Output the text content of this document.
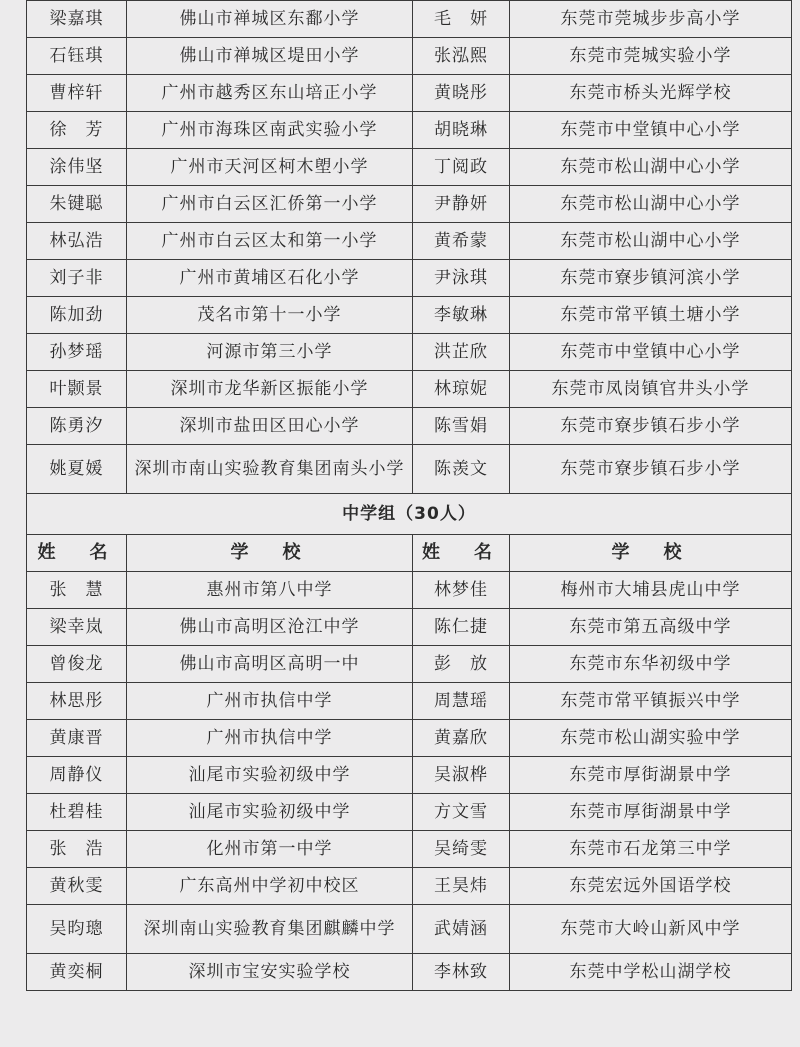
梁嘉琪	佛山市禅城区东鄱小学	毛　妍	东莞市莞城步步高小学
石钰琪	佛山市禅城区堤田小学	张泓熙	东莞市莞城实验小学
曹梓轩	广州市越秀区东山培正小学	黄晓彤	东莞市桥头光辉学校
徐　芳	广州市海珠区南武实验小学	胡晓琳	东莞市中堂镇中心小学
涂伟坚	广州市天河区柯木塱小学	丁阅政	东莞市松山湖中心小学
朱键聪	广州市白云区汇侨第一小学	尹静妍	东莞市松山湖中心小学
林弘浩	广州市白云区太和第一小学	黄希蒙	东莞市松山湖中心小学
刘子非	广州市黄埔区石化小学	尹泳琪	东莞市寮步镇河滨小学
陈加劲	茂名市第十一小学	李敏琳	东莞市常平镇土塘小学
孙梦瑶	河源市第三小学	洪芷欣	东莞市中堂镇中心小学
叶颢景	深圳市龙华新区振能小学	林琼妮	东莞市凤岗镇官井头小学
陈勇汐	深圳市盐田区田心小学	陈雪娟	东莞市寮步镇石步小学
姚夏媛	深圳市南山实验教育集团南头小学	陈羡文	东莞市寮步镇石步小学
中学组（30人）			
姓　名	学　校	姓　名	学　校
张　慧	惠州市第八中学	林梦佳	梅州市大埔县虎山中学
梁幸岚	佛山市高明区沧江中学	陈仁捷	东莞市第五高级中学
曾俊龙	佛山市高明区高明一中	彭　放	东莞市东华初级中学
林思彤	广州市执信中学	周慧瑶	东莞市常平镇振兴中学
黄康晋	广州市执信中学	黄嘉欣	东莞市松山湖实验中学
周静仪	汕尾市实验初级中学	吴淑桦	东莞市厚街湖景中学
杜碧桂	汕尾市实验初级中学	方文雪	东莞市厚街湖景中学
张　浩	化州市第一中学	吴绮雯	东莞市石龙第三中学
黄秋雯	广东高州中学初中校区	王昊炜	东莞宏远外国语学校
吴昀璁	深圳南山实验教育集团麒麟中学	武婧涵	东莞市大岭山新风中学
黄奕桐	深圳市宝安实验学校	李林致	东莞中学松山湖学校
